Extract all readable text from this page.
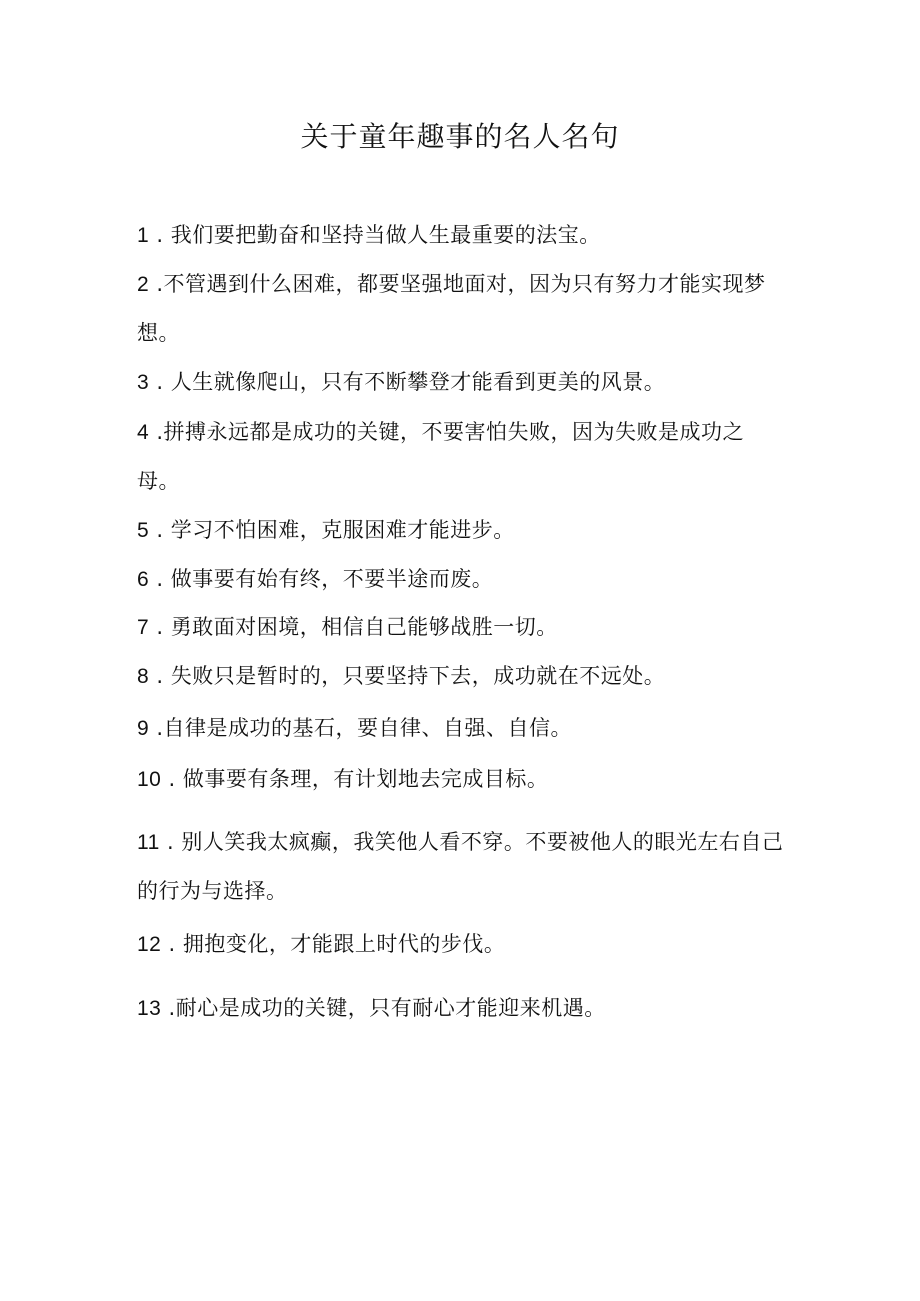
关于童年趣事的名人名句
1 . 我们要把勤奋和坚持当做人生最重要的法宝。
2 .不管遇到什么困难，都要坚强地面对，因为只有努力才能实现梦想。
3 . 人生就像爬山，只有不断攀登才能看到更美的风景。
4 .拼搏永远都是成功的关键，不要害怕失败，因为失败是成功之母。
5 . 学习不怕困难，克服困难才能进步。
6 . 做事要有始有终，不要半途而废。
7 . 勇敢面对困境，相信自己能够战胜一切。
8 . 失败只是暂时的，只要坚持下去，成功就在不远处。
9 .自律是成功的基石，要自律、自强、自信。
10 . 做事要有条理，有计划地去完成目标。
11 . 别人笑我太疯癫，我笑他人看不穿。不要被他人的眼光左右自己的行为与选择。
12 . 拥抱变化，才能跟上时代的步伐。
13 .耐心是成功的关键，只有耐心才能迎来机遇。
